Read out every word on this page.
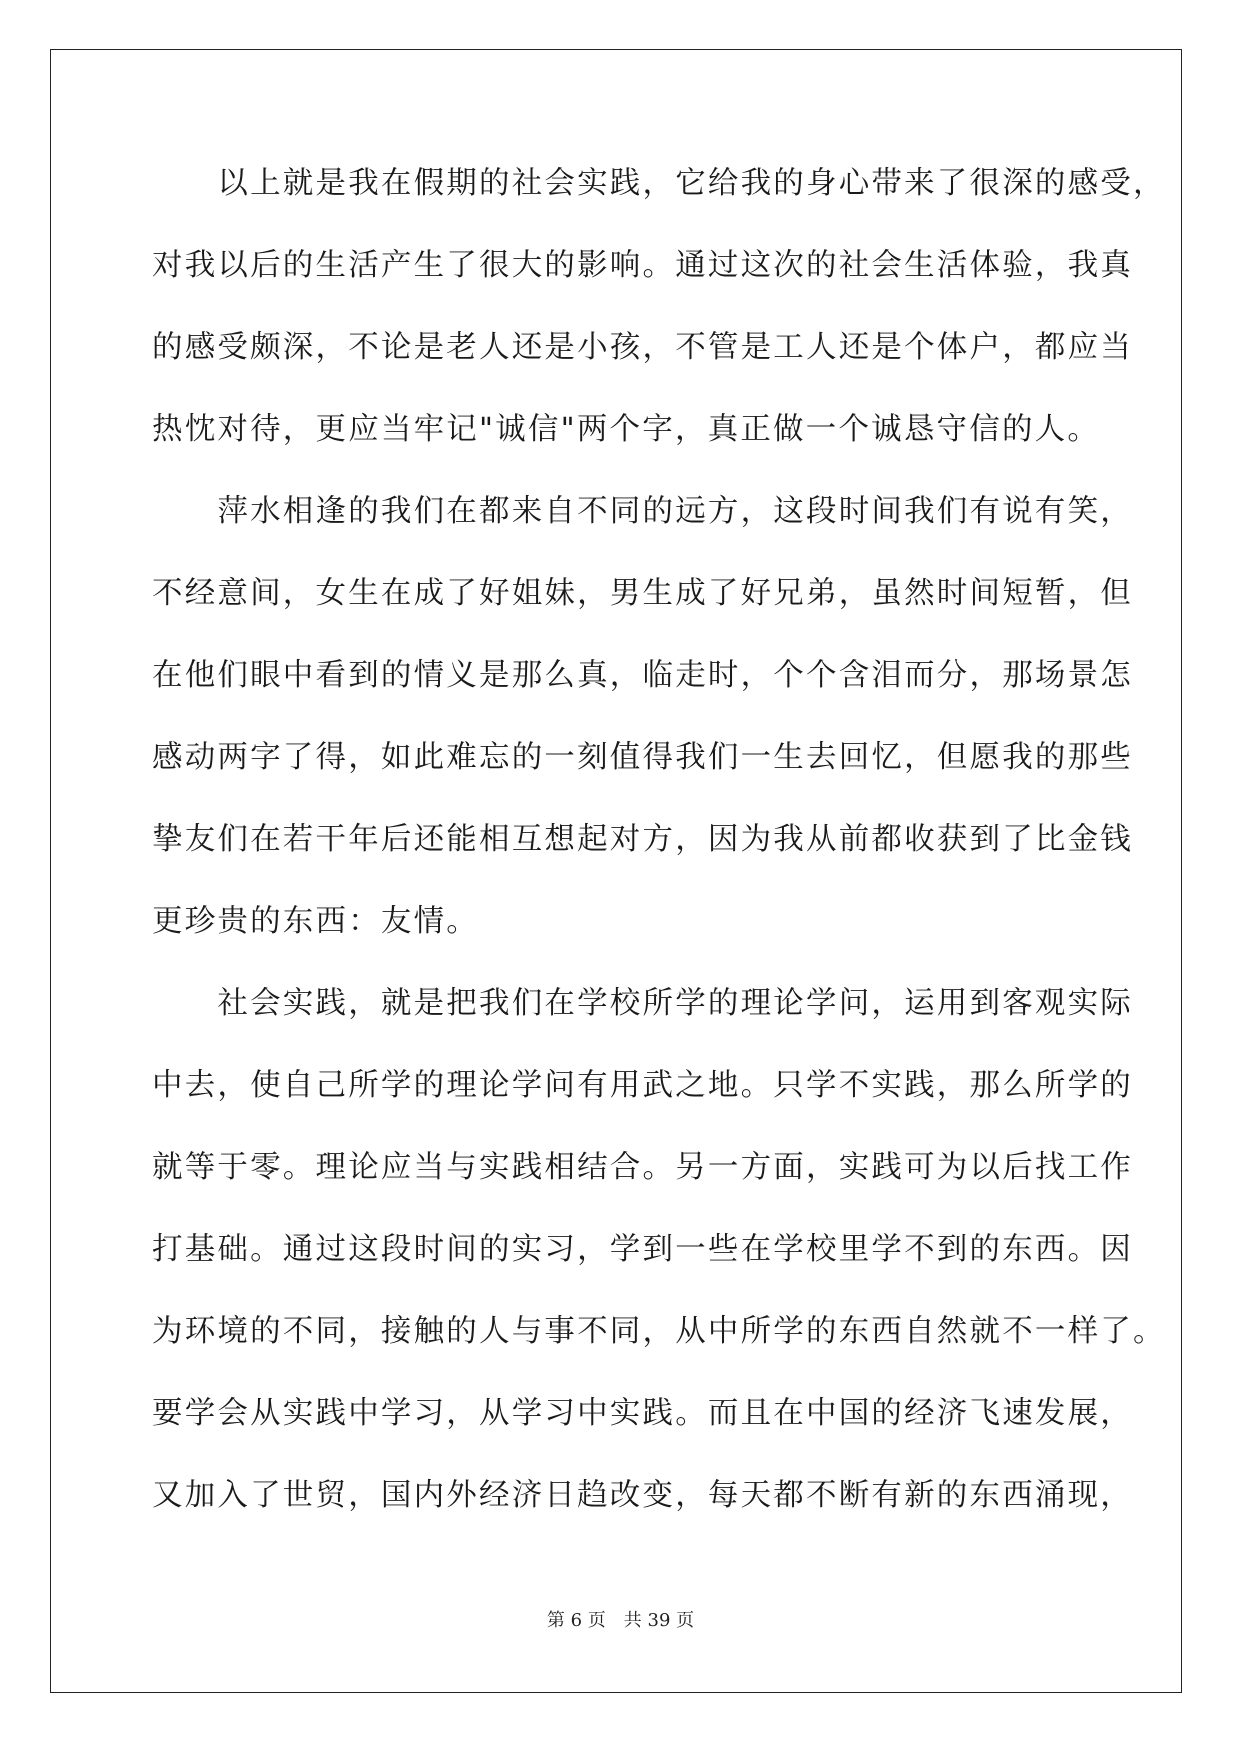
　　以上就是我在假期的社会实践，它给我的身心带来了很深的感受，
对我以后的生活产生了很大的影响。通过这次的社会生活体验，我真
的感受颇深，不论是老人还是小孩，不管是工人还是个体户，都应当
热忱对待，更应当牢记"诚信"两个字，真正做一个诚恳守信的人。
　　萍水相逢的我们在都来自不同的远方，这段时间我们有说有笑，
不经意间，女生在成了好姐妹，男生成了好兄弟，虽然时间短暂，但
在他们眼中看到的情义是那么真，临走时，个个含泪而分，那场景怎
感动两字了得，如此难忘的一刻值得我们一生去回忆，但愿我的那些
挚友们在若干年后还能相互想起对方，因为我从前都收获到了比金钱
更珍贵的东西：友情。
　　社会实践，就是把我们在学校所学的理论学问，运用到客观实际
中去，使自己所学的理论学问有用武之地。只学不实践，那么所学的
就等于零。理论应当与实践相结合。另一方面，实践可为以后找工作
打基础。通过这段时间的实习，学到一些在学校里学不到的东西。因
为环境的不同，接触的人与事不同，从中所学的东西自然就不一样了。
要学会从实践中学习，从学习中实践。而且在中国的经济飞速发展，
又加入了世贸，国内外经济日趋改变，每天都不断有新的东西涌现，
第 6 页　共 39 页
